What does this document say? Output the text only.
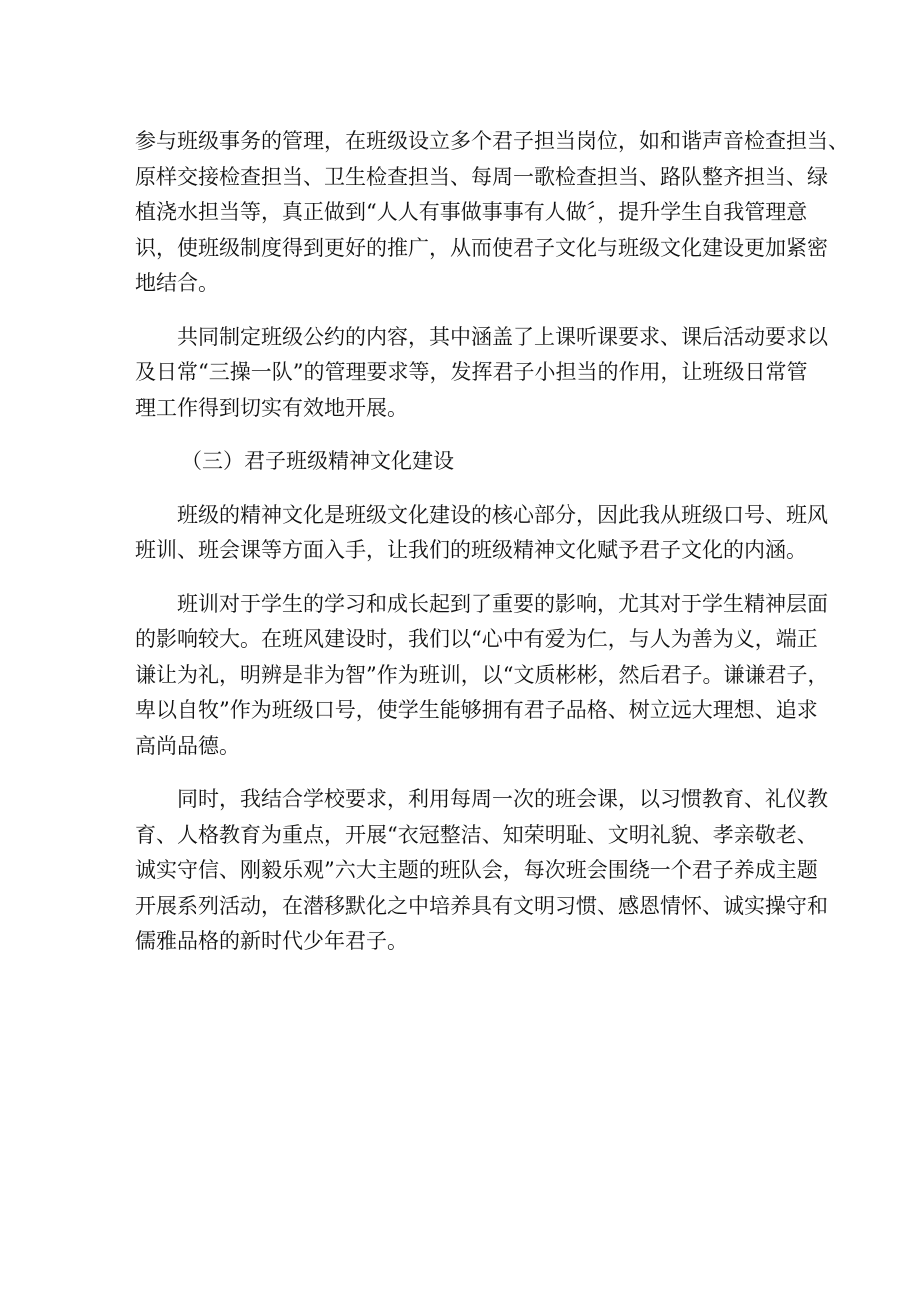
参与班级事务的管理，在班级设立多个君子担当岗位，如和谐声音检查担当、
原样交接检查担当、卫生检查担当、每周一歌检查担当、路队整齐担当、绿
植浇水担当等，真正做到“人人有事做事事有人做〞，提升学生自我管理意
识，使班级制度得到更好的推广，从而使君子文化与班级文化建设更加紧密
地结合。
共同制定班级公约的内容，其中涵盖了上课听课要求、课后活动要求以
及日常“三操一队”的管理要求等，发挥君子小担当的作用，让班级日常管
理工作得到切实有效地开展。
（三）君子班级精神文化建设
班级的精神文化是班级文化建设的核心部分，因此我从班级口号、班风
班训、班会课等方面入手，让我们的班级精神文化赋予君子文化的内涵。
班训对于学生的学习和成长起到了重要的影响，尤其对于学生精神层面
的影响较大。在班风建设时，我们以“心中有爱为仁，与人为善为义，端正
谦让为礼，明辨是非为智”作为班训，以“文质彬彬，然后君子。谦谦君子，
卑以自牧”作为班级口号，使学生能够拥有君子品格、树立远大理想、追求
高尚品德。
同时，我结合学校要求，利用每周一次的班会课，以习惯教育、礼仪教
育、人格教育为重点，开展“衣冠整洁、知荣明耻、文明礼貌、孝亲敬老、
诚实守信、刚毅乐观”六大主题的班队会，每次班会围绕一个君子养成主题
开展系列活动，在潜移默化之中培养具有文明习惯、感恩情怀、诚实操守和
儒雅品格的新时代少年君子。
